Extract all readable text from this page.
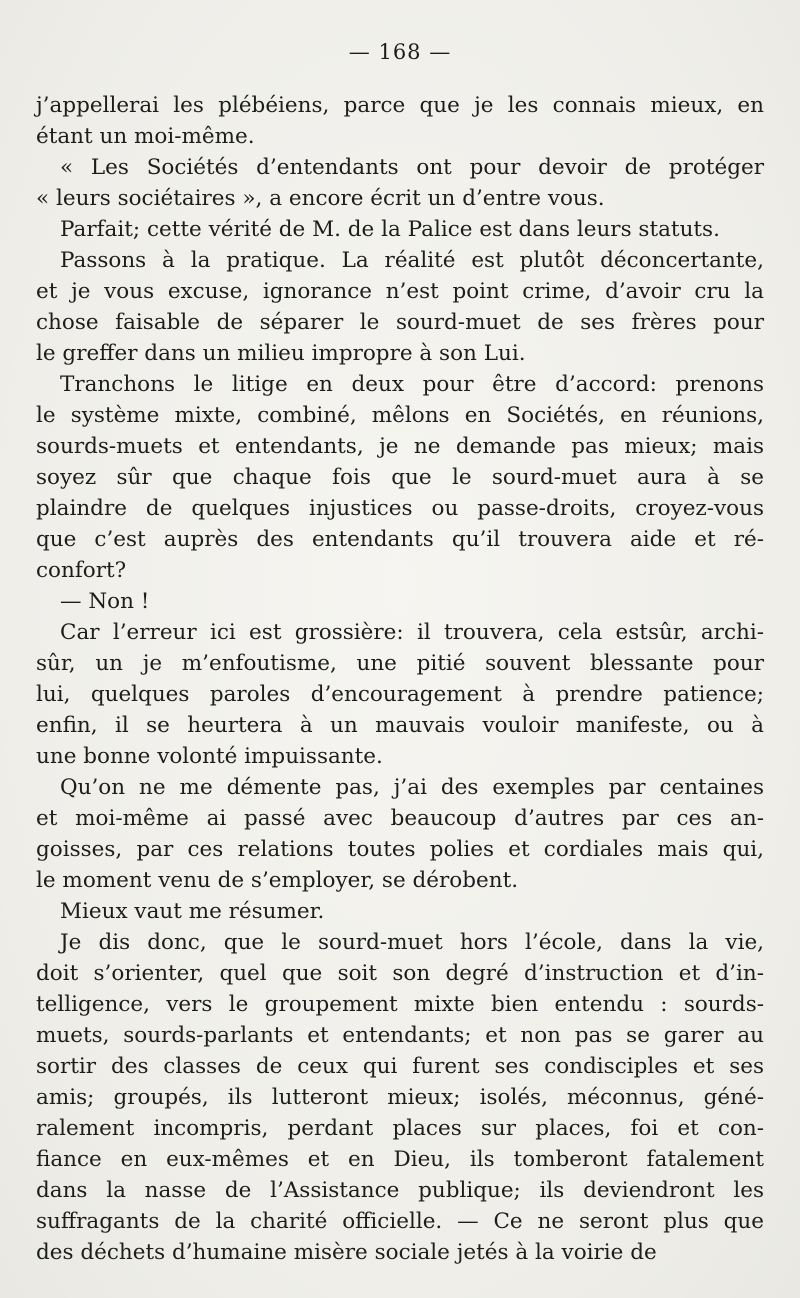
— 168 —
j’appellerai les plébéiens, parce que je les connais mieux, en
étant un moi-même.
« Les Sociétés d’entendants ont pour devoir de protéger
« leurs sociétaires », a encore écrit un d’entre vous.
Parfait; cette vérité de M. de la Palice est dans leurs statuts.
Passons à la pratique. La réalité est plutôt déconcertante,
et je vous excuse, ignorance n’est point crime, d’avoir cru la
chose faisable de séparer le sourd-muet de ses frères pour
le greffer dans un milieu impropre à son Lui.
Tranchons le litige en deux pour être d’accord: prenons
le système mixte, combiné, mêlons en Sociétés, en réunions,
sourds-muets et entendants, je ne demande pas mieux; mais
soyez sûr que chaque fois que le sourd-muet aura à se
plaindre de quelques injustices ou passe-droits, croyez-vous
que c’est auprès des entendants qu’il trouvera aide et ré-
confort?
— Non !
Car l’erreur ici est grossière: il trouvera, cela estsûr, archi-
sûr, un je m’enfoutisme, une pitié souvent blessante pour
lui, quelques paroles d’encouragement à prendre patience;
enfin, il se heurtera à un mauvais vouloir manifeste, ou à
une bonne volonté impuissante.
Qu’on ne me démente pas, j’ai des exemples par centaines
et moi-même ai passé avec beaucoup d’autres par ces an-
goisses, par ces relations toutes polies et cordiales mais qui,
le moment venu de s’employer, se dérobent.
Mieux vaut me résumer.
Je dis donc, que le sourd-muet hors l’école, dans la vie,
doit s’orienter, quel que soit son degré d’instruction et d’in-
telligence, vers le groupement mixte bien entendu : sourds-
muets, sourds-parlants et entendants; et non pas se garer au
sortir des classes de ceux qui furent ses condisciples et ses
amis; groupés, ils lutteront mieux; isolés, méconnus, géné-
ralement incompris, perdant places sur places, foi et con-
fiance en eux-mêmes et en Dieu, ils tomberont fatalement
dans la nasse de l’Assistance publique; ils deviendront les
suffragants de la charité officielle. — Ce ne seront plus que
des déchets d’humaine misère sociale jetés à la voirie de
